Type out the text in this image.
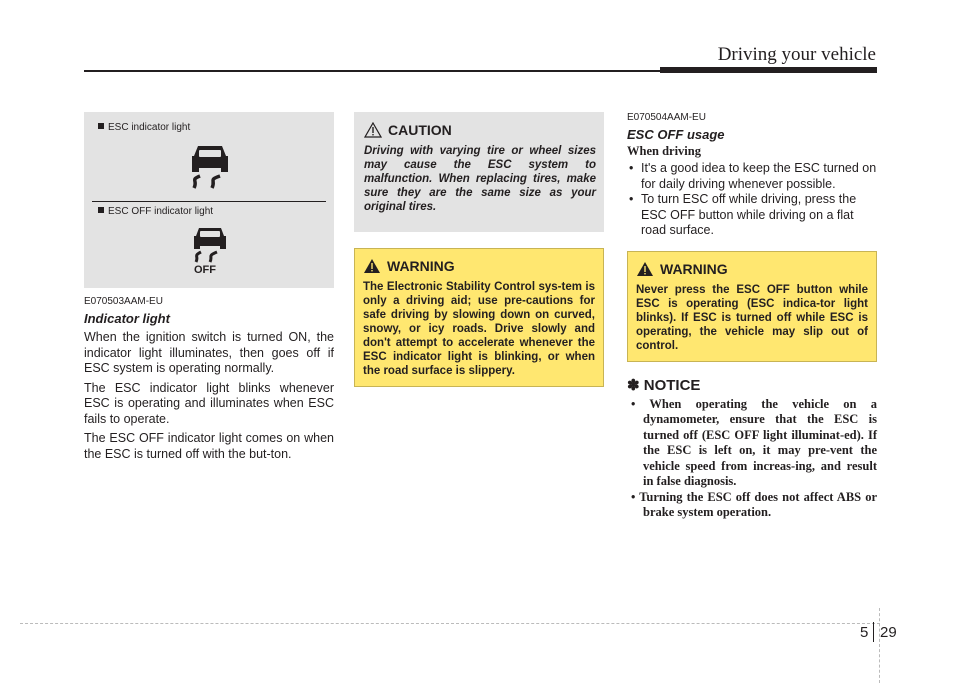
Driving your vehicle
ESC indicator light
ESC OFF indicator light
OFF
E070503AAM-EU
Indicator light

When the ignition switch is turned ON, the indicator light illuminates, then goes off if ESC system is operating normally.

The ESC indicator light blinks whenever ESC is operating and illuminates when ESC fails to operate.

The ESC OFF indicator light comes on when the ESC is turned off with the but-ton.

CAUTION
Driving with varying tire or wheel sizes may cause the ESC system to malfunction. When replacing tires, make sure they are the same size as your original tires.
WARNING
The Electronic Stability Control sys-tem is only a driving aid; use pre-cautions for safe driving by slowing down on curved, snowy, or icy roads. Drive slowly and don't attempt to accelerate whenever the ESC indicator light is blinking, or when the road surface is slippery.
E070504AAM-EU
ESC OFF usage
When driving
• It's a good idea to keep the ESC turned on for daily driving whenever possible.
• To turn ESC off while driving, press the ESC OFF button while driving on a flat road surface.
WARNING
Never press the ESC OFF button while ESC is operating (ESC indica-tor light blinks). If ESC is turned off while ESC is operating, the vehicle may slip out of control.
✽ NOTICE
• When operating the vehicle on a dynamometer, ensure that the ESC is turned off (ESC OFF light illuminat-ed). If the ESC is left on, it may pre-vent the vehicle speed from increas-ing, and result in false diagnosis.
• Turning the ESC off does not affect ABS or brake system operation.
5 29
